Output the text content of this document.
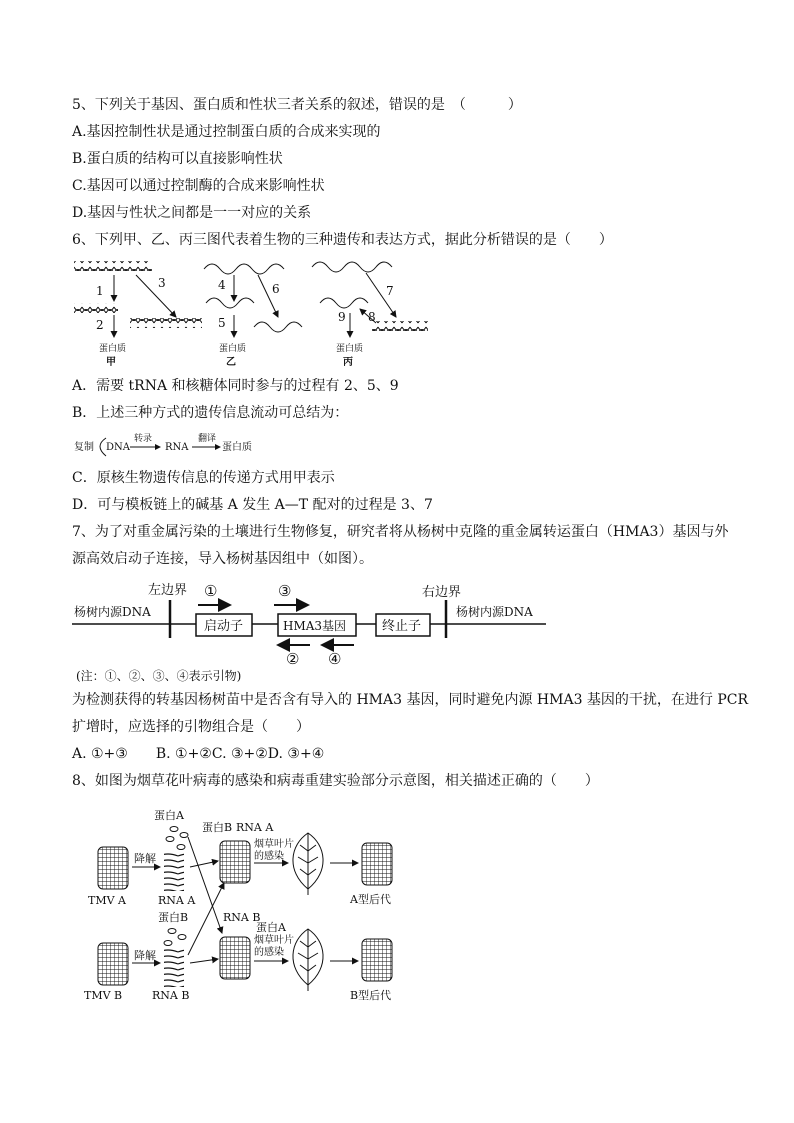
5、下列关于基因、蛋白质和性状三者关系的叙述，错误的是　（　　　）
A.基因控制性状是通过控制蛋白质的合成来实现的
B.蛋白质的结构可以直接影响性状
C.基因可以通过控制酶的合成来影响性状
D.基因与性状之间都是一一对应的关系
6、下列甲、乙、丙三图代表着生物的三种遗传和表达方式，据此分析错误的是（　　）
1
3
2
蛋白质
甲
4	6
5
蛋白质
乙
7
8
9
蛋白质
丙
A．需要 tRNA 和核糖体同时参与的过程有 2、5、9
B．上述三种方式的遗传信息流动可总结为：
复制 DNA
转录
RNA
翻译
蛋白质
C．原核生物遗传信息的传递方式用甲表示
D．可与模板链上的碱基 A 发生 A—T 配对的过程是 3、7
7、为了对重金属污染的土壤进行生物修复，研究者将从杨树中克隆的重金属转运蛋白（HMA3）基因与外
源高效启动子连接，导入杨树基因组中（如图）。
左边界	右边界
杨树内源DNA	杨树内源DNA
启动子	HMA3基因	终止子
①	③
② ④
(注：①、②、③、④表示引物)
为检测获得的转基因杨树苗中是否含有导入的 HMA3 基因，同时避免内源 HMA3 基因的干扰，在进行 PCR
扩增时，应选择的引物组合是（　　）
A. ①+③　　B. ①+②C. ③+②D. ③+④
8、如图为烟草花叶病毒的感染和病毒重建实验部分示意图，相关描述正确的（　　）
TMV A
降解
蛋白A
RNA A
蛋白B RNA A
烟草叶片
的感染
A型后代
蛋白B	RNA B
蛋白A
TMV B
降解
RNA B
烟草叶片
的感染
B型后代
